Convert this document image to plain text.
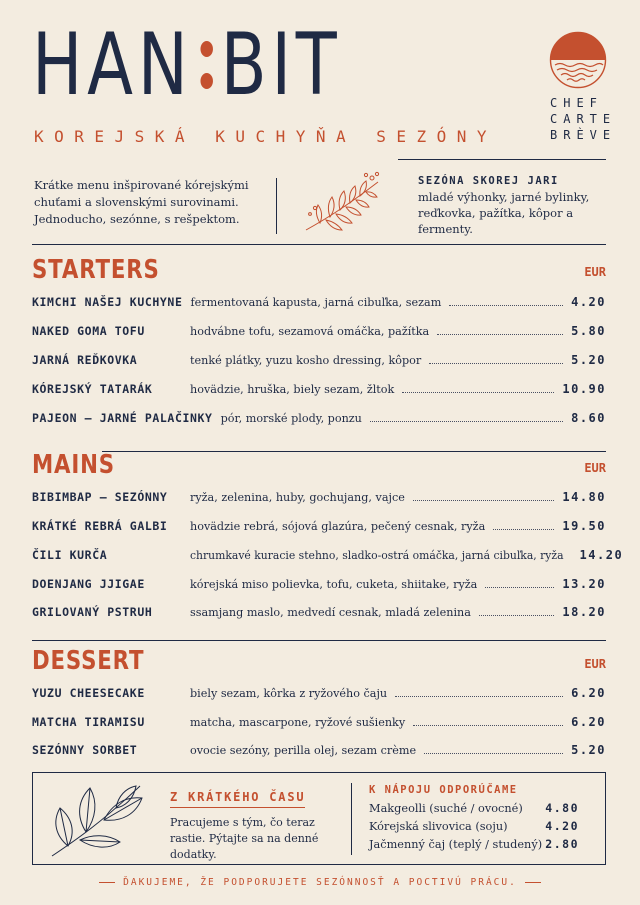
HAN BIT
KOREJSKÁ KUCHYŇA SEZÓNY
CHEF
CARTE
BRÈVE
Krátke menu inšpirované kórejskými chuťami a slovenskými surovinami. Jednoducho, sezónne, s rešpektom.
SEZÓNA SKOREJ JARI
mladé výhonky, jarné bylinky, reďkovka, pažítka, kôpor a fermenty.
STARTERS	EUR
KIMCHI NAŠEJ KUCHYNE fermentovaná kapusta, jarná cibuľka, sezam	4.20
NAKED GOMA TOFU	hodvábne tofu, sezamová omáčka, pažítka	5.80
JARNÁ REĎKOVKA	tenké plátky, yuzu kosho dressing, kôpor	5.20
KÓREJSKÝ TATARÁK	hovädzie, hruška, biely sezam, žltok	10.90
PAJEON – JARNÉ PALAČINKY pór, morské plody, ponzu	8.60
MAINS	EUR
BIBIMBAP – SEZÓNNY	ryža, zelenina, huby, gochujang, vajce	14.80
KRÁTKÉ REBRÁ GALBI	hovädzie rebrá, sójová glazúra, pečený cesnak, ryža	19.50
ČILI KURČA	chrumkavé kuracie stehno, sladko-ostrá omáčka, jarná cibuľka, ryža 14.20
DOENJANG JJIGAE	kórejská miso polievka, tofu, cuketa, shiitake, ryža	13.20
GRILOVANÝ PSTRUH	ssamjang maslo, medvedí cesnak, mladá zelenina	18.20
DESSERT	EUR
YUZU CHEESECAKE	biely sezam, kôrka z ryžového čaju	6.20
MATCHA TIRAMISU	matcha, mascarpone, ryžové sušienky	6.20
SEZÓNNY SORBET	ovocie sezóny, perilla olej, sezam crème	5.20
Z KRÁTKÉHO ČASU
Pracujeme s tým, čo teraz rastie. Pýtajte sa na denné dodatky.
K NÁPOJU ODPORÚČAME
Makgeolli (suché / ovocné) 4.80
Kórejská slivovica (soju)	4.20
Jačmenný čaj (teplý / studený) 2.80
ĎAKUJEME, ŽE PODPORUJETE SEZÓNNOSŤ A POCTIVÚ PRÁCU.
